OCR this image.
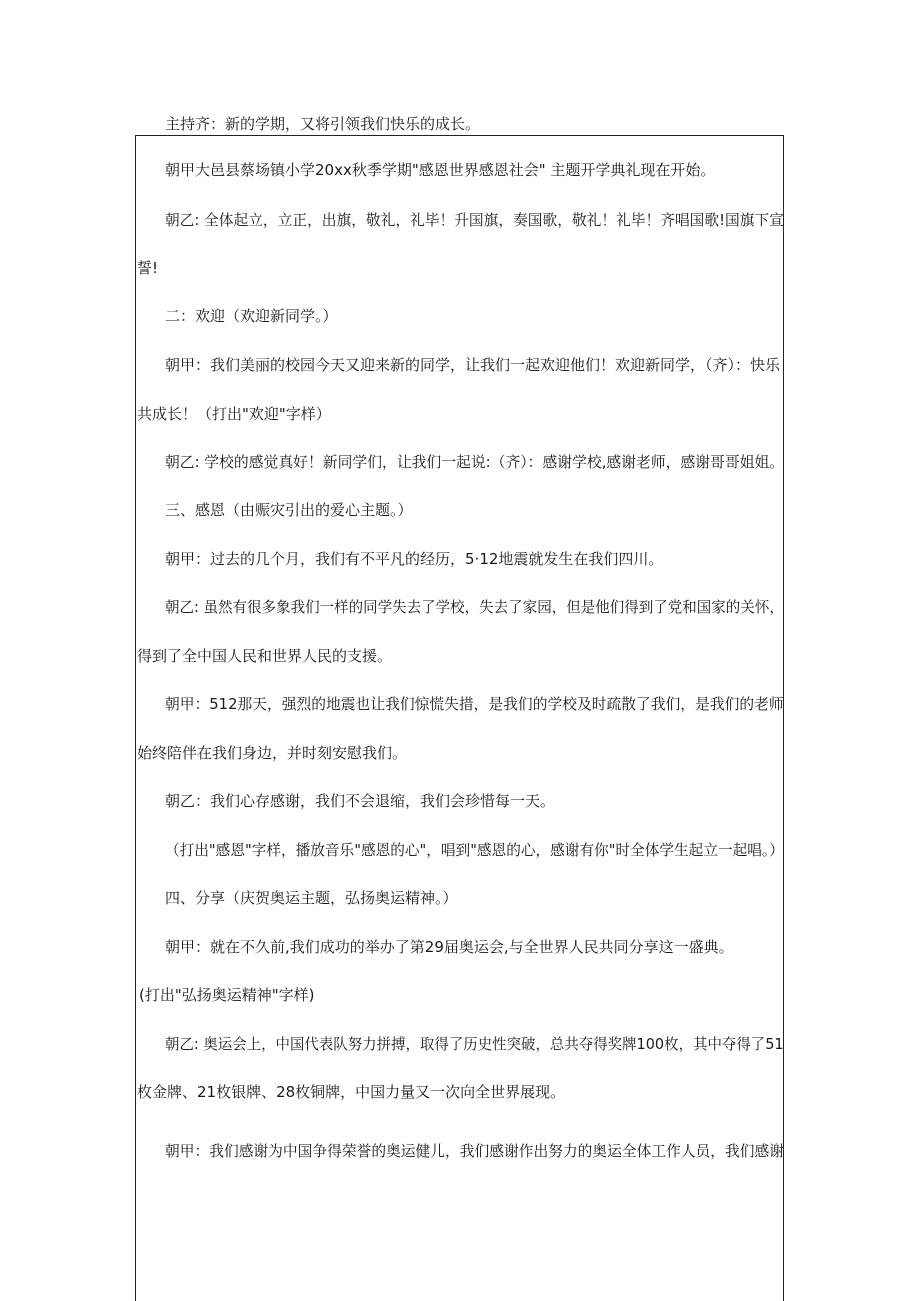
主持齐：新的学期，又将引领我们快乐的成长。
朝甲大邑县蔡场镇小学20xx秋季学期"感恩世界感恩社会" 主题开学典礼现在开始。
朝乙: 全体起立，立正，出旗，敬礼，礼毕！升国旗，奏国歌，敬礼！礼毕！齐唱国歌!国旗下宣
誓!
二：欢迎（欢迎新同学。）
朝甲：我们美丽的校园今天又迎来新的同学，让我们一起欢迎他们！欢迎新同学，（齐）：快乐
共成长！（打出"欢迎"字样）
朝乙: 学校的感觉真好！新同学们，让我们一起说:（齐）：感谢学校,感谢老师，感谢哥哥姐姐。
三、感恩（由赈灾引出的爱心主题。）
朝甲：过去的几个月，我们有不平凡的经历，5·12地震就发生在我们四川。
朝乙: 虽然有很多象我们一样的同学失去了学校，失去了家园，但是他们得到了党和国家的关怀，
得到了全中国人民和世界人民的支援。
朝甲：512那天，强烈的地震也让我们惊慌失措，是我们的学校及时疏散了我们，是我们的老师
始终陪伴在我们身边，并时刻安慰我们。
朝乙：我们心存感谢，我们不会退缩，我们会珍惜每一天。
（打出"感恩"字样，播放音乐"感恩的心"，唱到"感恩的心，感谢有你"时全体学生起立一起唱。）
四、分享（庆贺奥运主题，弘扬奥运精神。）
朝甲：就在不久前,我们成功的举办了第29届奥运会,与全世界人民共同分享这一盛典。
(打出"弘扬奥运精神"字样)
朝乙: 奥运会上，中国代表队努力拼搏，取得了历史性突破，总共夺得奖牌100枚，其中夺得了51
枚金牌、21枚银牌、28枚铜牌，中国力量又一次向全世界展现。
朝甲：我们感谢为中国争得荣誉的奥运健儿，我们感谢作出努力的奥运全体工作人员，我们感谢
